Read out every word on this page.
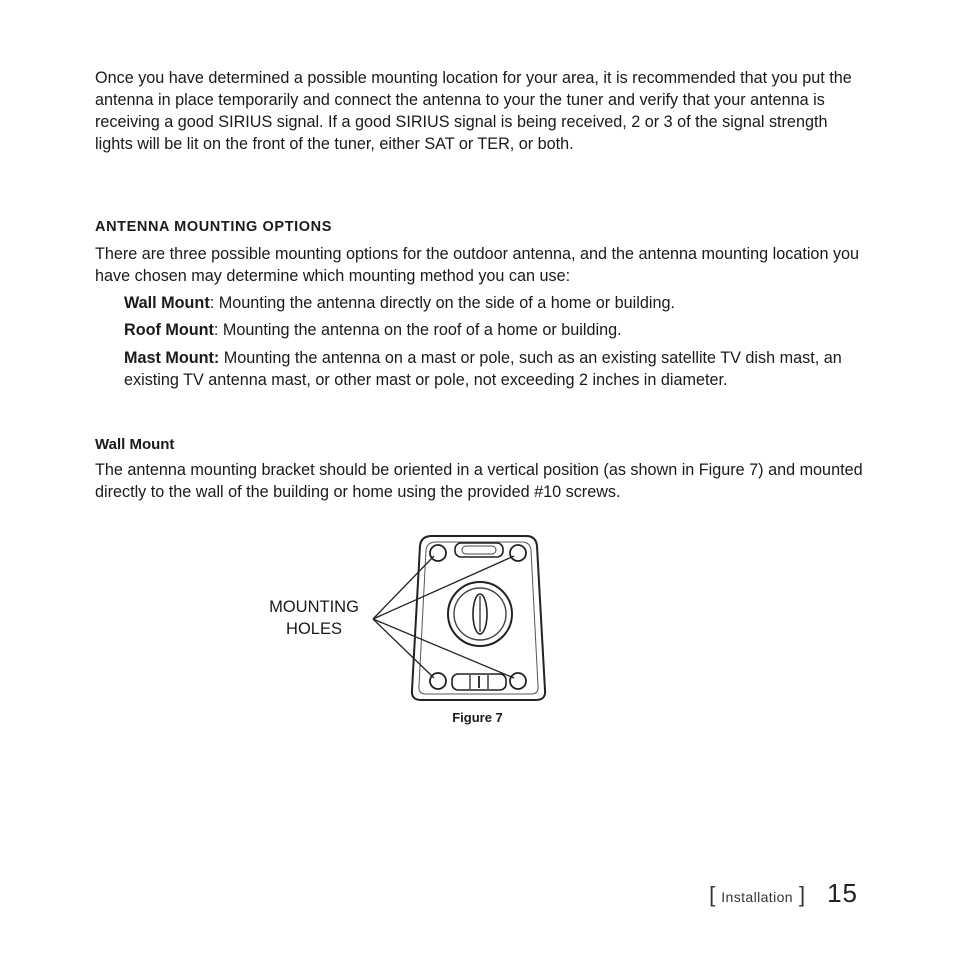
Once you have determined a possible mounting location for your area, it is recommended that you put the antenna in place temporarily and connect the antenna to your the tuner and verify that your antenna is receiving a good SIRIUS signal. If a good SIRIUS signal is being received, 2 or 3 of the signal strength lights will be lit on the front of the tuner, either SAT or TER, or both.

ANTENNA MOUNTING OPTIONS

There are three possible mounting options for the outdoor antenna, and the antenna mounting location you have chosen may determine which mounting method you can use:

Wall Mount: Mounting the antenna directly on the side of a home or building.

Roof Mount: Mounting the antenna on the roof of a home or building.

Mast Mount: Mounting the antenna on a mast or pole, such as an existing satellite TV dish mast, an existing TV antenna mast, or other mast or pole, not exceeding 2 inches in diameter.

Wall Mount

The antenna mounting bracket should be oriented in a vertical position (as shown in Figure 7) and mounted directly to the wall of the building or home using the provided #10 screws.

MOUNTING
HOLES

Figure 7

[ Installation ] 15
